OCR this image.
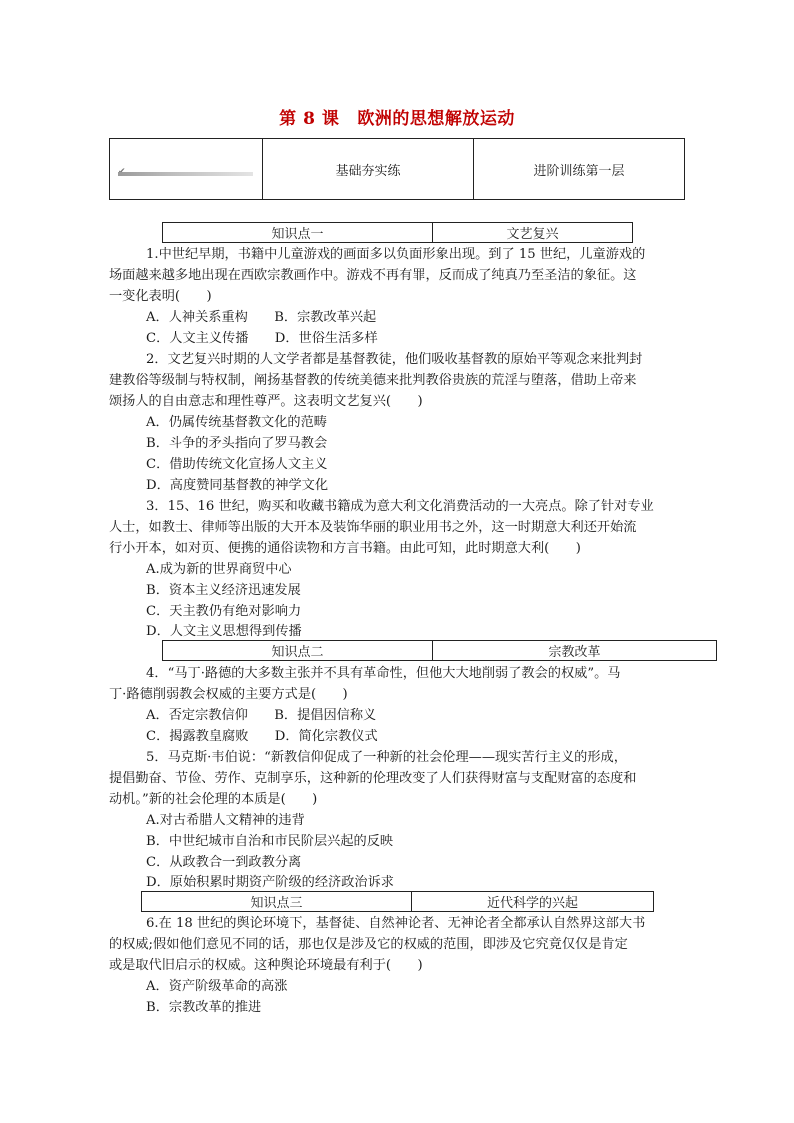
第 8 课 欧洲的思想解放运动
基础夯实练	进阶训练第一层
知识点一	文艺复兴
1.中世纪早期，书籍中儿童游戏的画面多以负面形象出现。到了 15 世纪，儿童游戏的
场面越来越多地出现在西欧宗教画作中。游戏不再有罪，反而成了纯真乃至圣洁的象征。这
一变化表明(　　)
A．人神关系重构　　B．宗教改革兴起
C．人文主义传播　　D．世俗生活多样
2．文艺复兴时期的人文学者都是基督教徒，他们吸收基督教的原始平等观念来批判封
建教俗等级制与特权制，阐扬基督教的传统美德来批判教俗贵族的荒淫与堕落，借助上帝来
颂扬人的自由意志和理性尊严。这表明文艺复兴(　　)
A．仍属传统基督教文化的范畴
B．斗争的矛头指向了罗马教会
C．借助传统文化宣扬人文主义
D．高度赞同基督教的神学文化
3．15、16 世纪，购买和收藏书籍成为意大利文化消费活动的一大亮点。除了针对专业
人士，如教士、律师等出版的大开本及装饰华丽的职业用书之外，这一时期意大利还开始流
行小开本，如对页、便携的通俗读物和方言书籍。由此可知，此时期意大利(　　)
A.成为新的世界商贸中心
B．资本主义经济迅速发展
C．天主教仍有绝对影响力
D．人文主义思想得到传播
知识点二	宗教改革
4．“马丁·路德的大多数主张并不具有革命性，但他大大地削弱了教会的权威”。马
丁·路德削弱教会权威的主要方式是(　　)
A．否定宗教信仰　　B．提倡因信称义
C．揭露教皇腐败　　D．简化宗教仪式
5．马克斯·韦伯说：“新教信仰促成了一种新的社会伦理——现实苦行主义的形成，
提倡勤奋、节俭、劳作、克制享乐，这种新的伦理改变了人们获得财富与支配财富的态度和
动机。”新的社会伦理的本质是(　　)
A.对古希腊人文精神的违背
B．中世纪城市自治和市民阶层兴起的反映
C．从政教合一到政教分离
D．原始积累时期资产阶级的经济政治诉求
知识点三	近代科学的兴起
6.在 18 世纪的舆论环境下，基督徒、自然神论者、无神论者全都承认自然界这部大书
的权威;假如他们意见不同的话，那也仅是涉及它的权威的范围，即涉及它究竟仅仅是肯定
或是取代旧启示的权威。这种舆论环境最有利于(　　)
A．资产阶级革命的高涨
B．宗教改革的推进
